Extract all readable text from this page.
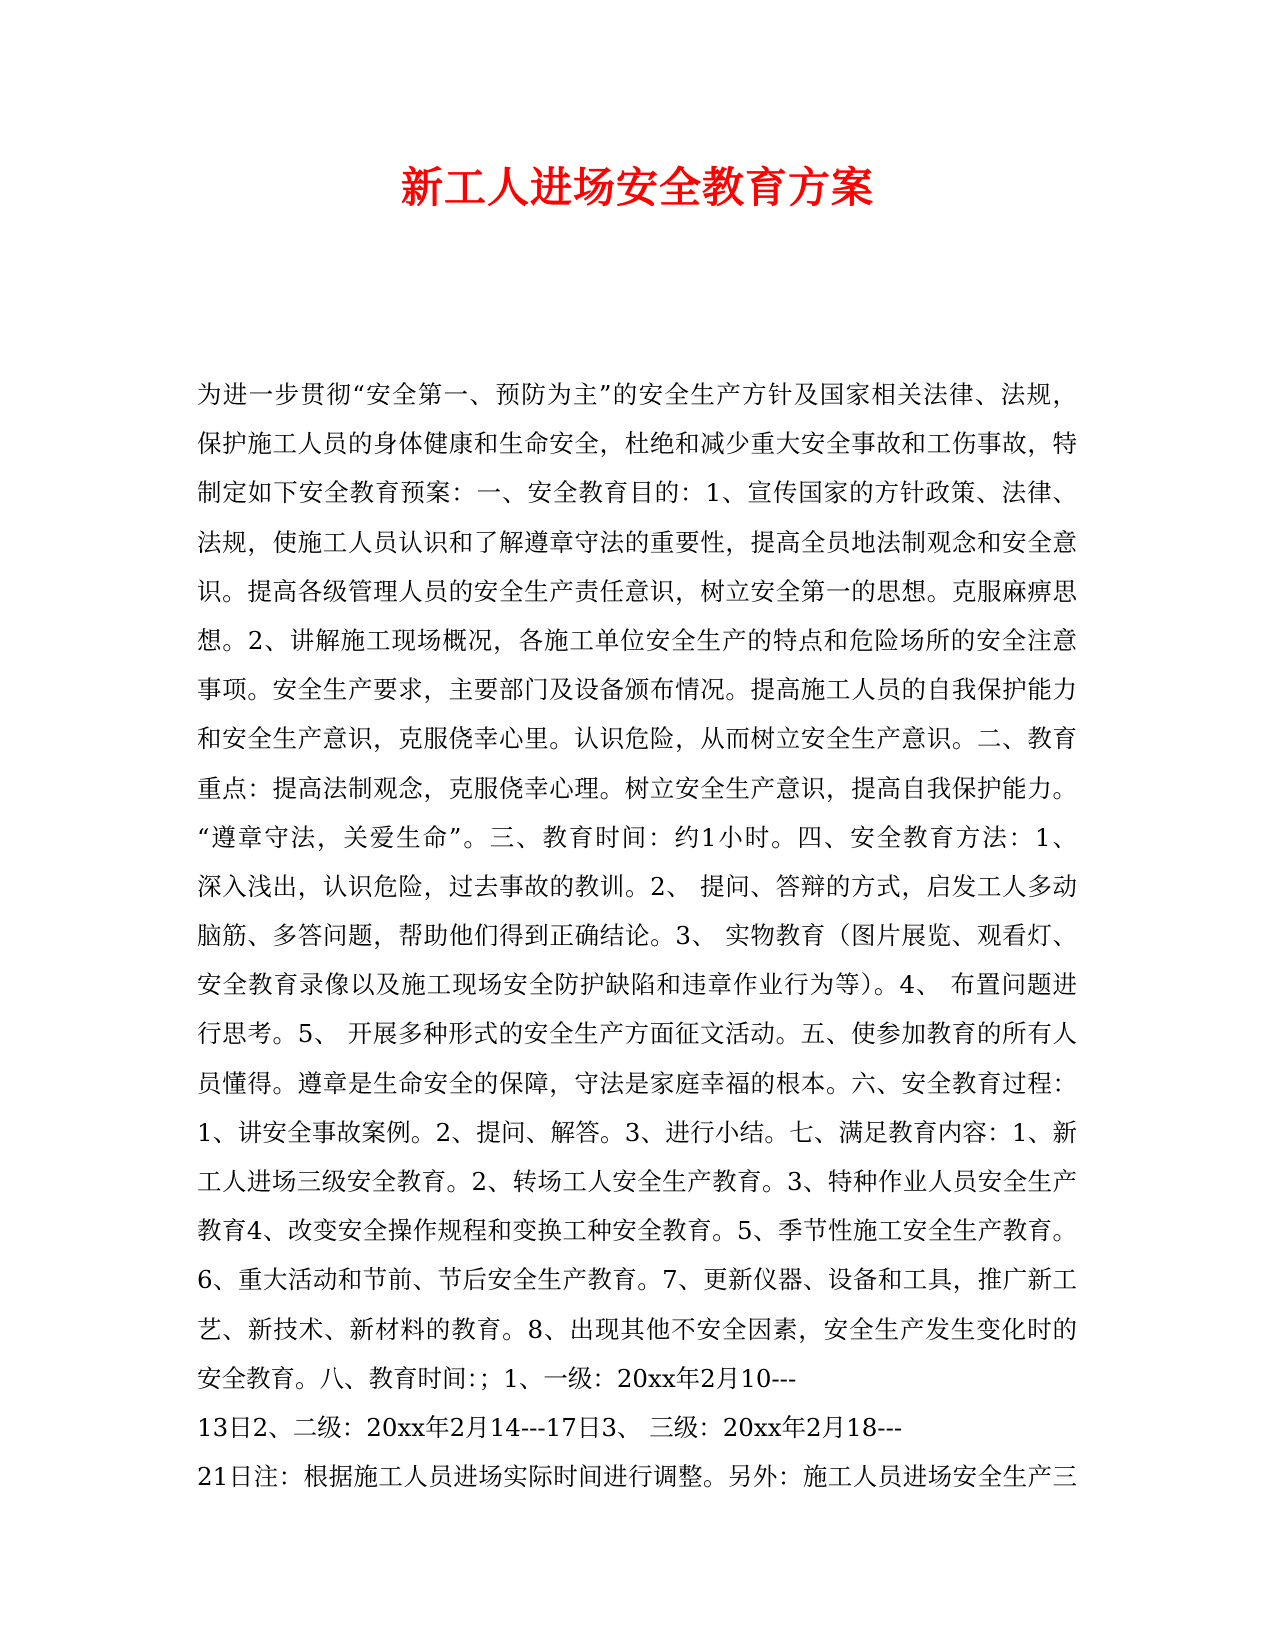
新工人进场安全教育方案
为进一步贯彻“安全第一、预防为主”的安全生产方针及国家相关法律、法规，
保护施工人员的身体健康和生命安全，杜绝和减少重大安全事故和工伤事故，特
制定如下安全教育预案：一、安全教育目的：1、宣传国家的方针政策、法律、
法规，使施工人员认识和了解遵章守法的重要性，提高全员地法制观念和安全意
识。提高各级管理人员的安全生产责任意识，树立安全第一的思想。克服麻痹思
想。2、讲解施工现场概况，各施工单位安全生产的特点和危险场所的安全注意
事项。安全生产要求，主要部门及设备颁布情况。提高施工人员的自我保护能力
和安全生产意识，克服侥幸心里。认识危险，从而树立安全生产意识。二、教育
重点：提高法制观念，克服侥幸心理。树立安全生产意识，提高自我保护能力。
“遵章守法，关爱生命”。三、教育时间：约1小时。四、安全教育方法：1、
深入浅出，认识危险，过去事故的教训。2、 提问、答辩的方式，启发工人多动
脑筋、多答问题，帮助他们得到正确结论。3、 实物教育（图片展览、观看灯、
安全教育录像以及施工现场安全防护缺陷和违章作业行为等）。4、 布置问题进
行思考。5、 开展多种形式的安全生产方面征文活动。五、使参加教育的所有人
员懂得。遵章是生命安全的保障，守法是家庭幸福的根本。六、安全教育过程：
1、讲安全事故案例。2、提问、解答。3、进行小结。七、满足教育内容：1、新
工人进场三级安全教育。2、转场工人安全生产教育。3、特种作业人员安全生产
教育4、改变安全操作规程和变换工种安全教育。5、季节性施工安全生产教育。
6、重大活动和节前、节后安全生产教育。7、更新仪器、设备和工具，推广新工
艺、新技术、新材料的教育。8、出现其他不安全因素，安全生产发生变化时的
安全教育。八、教育时间：；1、一级：20xx年2月10---
13日2、二级：20xx年2月14---17日3、 三级：20xx年2月18---
21日注：根据施工人员进场实际时间进行调整。另外：施工人员进场安全生产三
